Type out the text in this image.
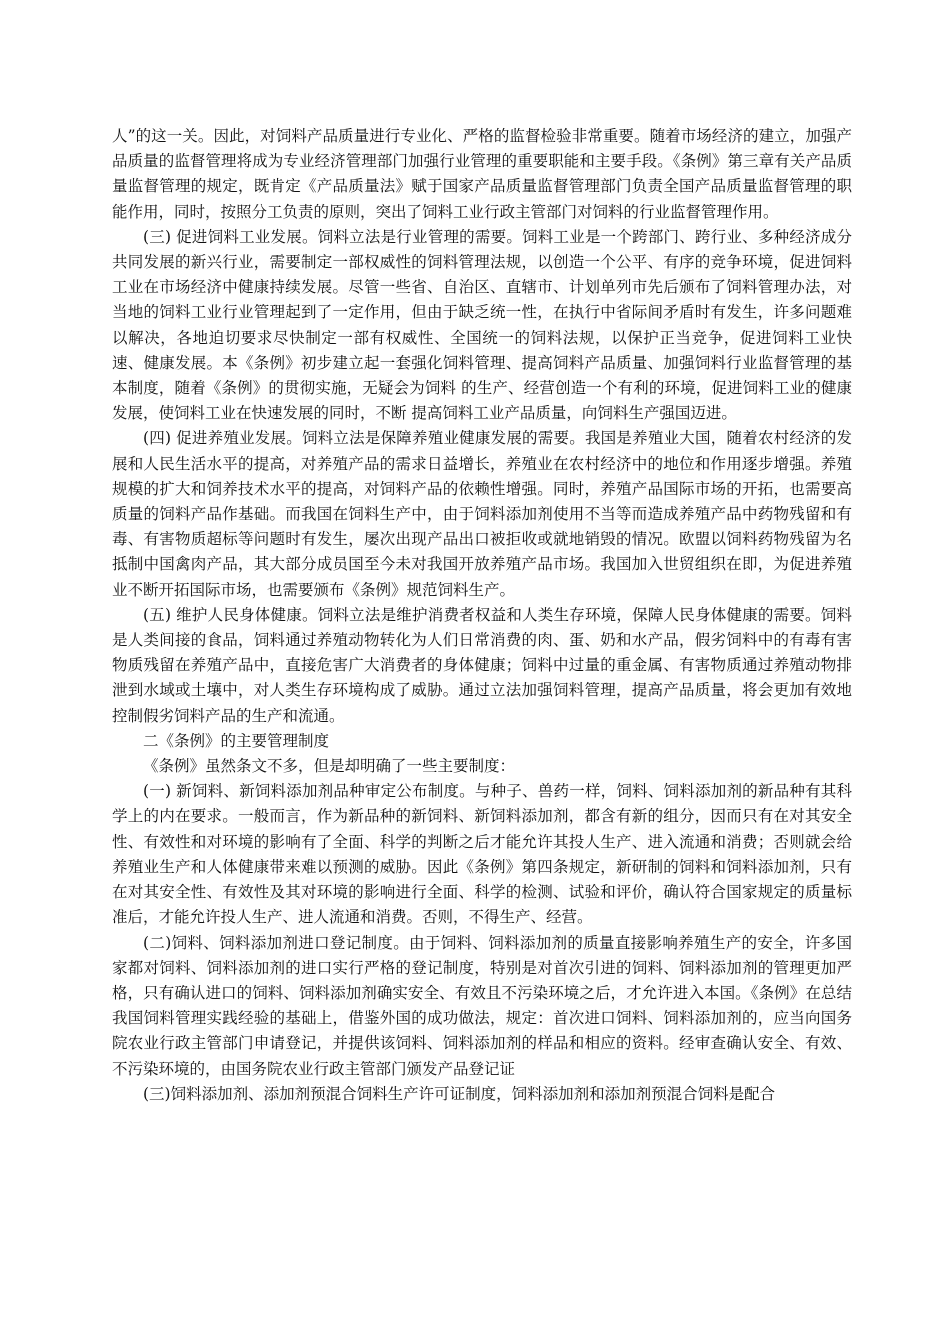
人”的这一关。因此，对饲料产品质量进行专业化、严格的监督检验非常重要。随着市场经济的建立，加强产品质量的监督管理将成为专业经济管理部门加强行业管理的重要职能和主要手段。《条例》第三章有关产品质量监督管理的规定，既肯定《产品质量法》赋于国家产品质量监督管理部门负责全国产品质量监督管理的职能作用，同时，按照分工负责的原则，突出了饲料工业行政主管部门对饲料的行业监督管理作用。

(三) 促进饲料工业发展。饲料立法是行业管理的需要。饲料工业是一个跨部门、跨行业、多种经济成分共同发展的新兴行业，需要制定一部权威性的饲料管理法规，以创造一个公平、有序的竞争环境，促进饲料工业在市场经济中健康持续发展。尽管一些省、自治区、直辖市、计划单列市先后颁布了饲料管理办法，对当地的饲料工业行业管理起到了一定作用，但由于缺乏统一性，在执行中省际间矛盾时有发生，许多问题难以解决，各地迫切要求尽快制定一部有权威性、全国统一的饲料法规，以保护正当竞争，促进饲料工业快速、健康发展。本《条例》初步建立起一套强化饲料管理、提高饲料产品质量、加强饲料行业监督管理的基本制度，随着《条例》的贯彻实施，无疑会为饲料 的生产、经营创造一个有利的环境，促进饲料工业的健康发展，使饲料工业在快速发展的同时，不断 提高饲料工业产品质量，向饲料生产强国迈进。

(四) 促进养殖业发展。饲料立法是保障养殖业健康发展的需要。我国是养殖业大国，随着农村经济的发展和人民生活水平的提高，对养殖产品的需求日益增长，养殖业在农村经济中的地位和作用逐步增强。养殖规模的扩大和饲养技术水平的提高，对饲料产品的依赖性增强。同时，养殖产品国际市场的开拓，也需要高质量的饲料产品作基础。而我国在饲料生产中，由于饲料添加剂使用不当等而造成养殖产品中药物残留和有毒、有害物质超标等问题时有发生，屡次出现产品出口被拒收或就地销毁的情况。欧盟以饲料药物残留为名抵制中国禽肉产品，其大部分成员国至今未对我国开放养殖产品市场。我国加入世贸组织在即，为促进养殖业不断开拓国际市场，也需要颁布《条例》规范饲料生产。

(五) 维护人民身体健康。饲料立法是维护消费者权益和人类生存环境，保障人民身体健康的需要。饲料是人类间接的食品，饲料通过养殖动物转化为人们日常消费的肉、蛋、奶和水产品，假劣饲料中的有毒有害物质残留在养殖产品中，直接危害广大消费者的身体健康；饲料中过量的重金属、有害物质通过养殖动物排泄到水域或土壤中，对人类生存环境构成了威胁。通过立法加强饲料管理，提高产品质量，将会更加有效地控制假劣饲料产品的生产和流通。

二《条例》的主要管理制度

《条例》虽然条文不多，但是却明确了一些主要制度：

(一) 新饲料、新饲料添加剂品种审定公布制度。与种子、兽药一样，饲料、饲料添加剂的新品种有其科学上的内在要求。一般而言，作为新品种的新饲料、新饲料添加剂，都含有新的组分，因而只有在对其安全性、有效性和对环境的影响有了全面、科学的判断之后才能允许其投人生产、进入流通和消费；否则就会给养殖业生产和人体健康带来难以预测的威胁。因此《条例》第四条规定，新研制的饲料和饲料添加剂，只有在对其安全性、有效性及其对环境的影响进行全面、科学的检测、试验和评价，确认符合国家规定的质量标准后，才能允许投人生产、进人流通和消费。否则，不得生产、经营。

(二)饲料、饲料添加剂进口登记制度。由于饲料、饲料添加剂的质量直接影响养殖生产的安全，许多国家都对饲料、饲料添加剂的进口实行严格的登记制度，特别是对首次引进的饲料、饲料添加剂的管理更加严格，只有确认进口的饲料、饲料添加剂确实安全、有效且不污染环境之后，才允许进入本国。《条例》在总结我国饲料管理实践经验的基础上，借鉴外国的成功做法，规定：首次进口饲料、饲料添加剂的，应当向国务院农业行政主管部门申请登记，并提供该饲料、饲料添加剂的样品和相应的资料。经审查确认安全、有效、不污染环境的，由国务院农业行政主管部门颁发产品登记证

(三)饲料添加剂、添加剂预混合饲料生产许可证制度，饲料添加剂和添加剂预混合饲料是配合
